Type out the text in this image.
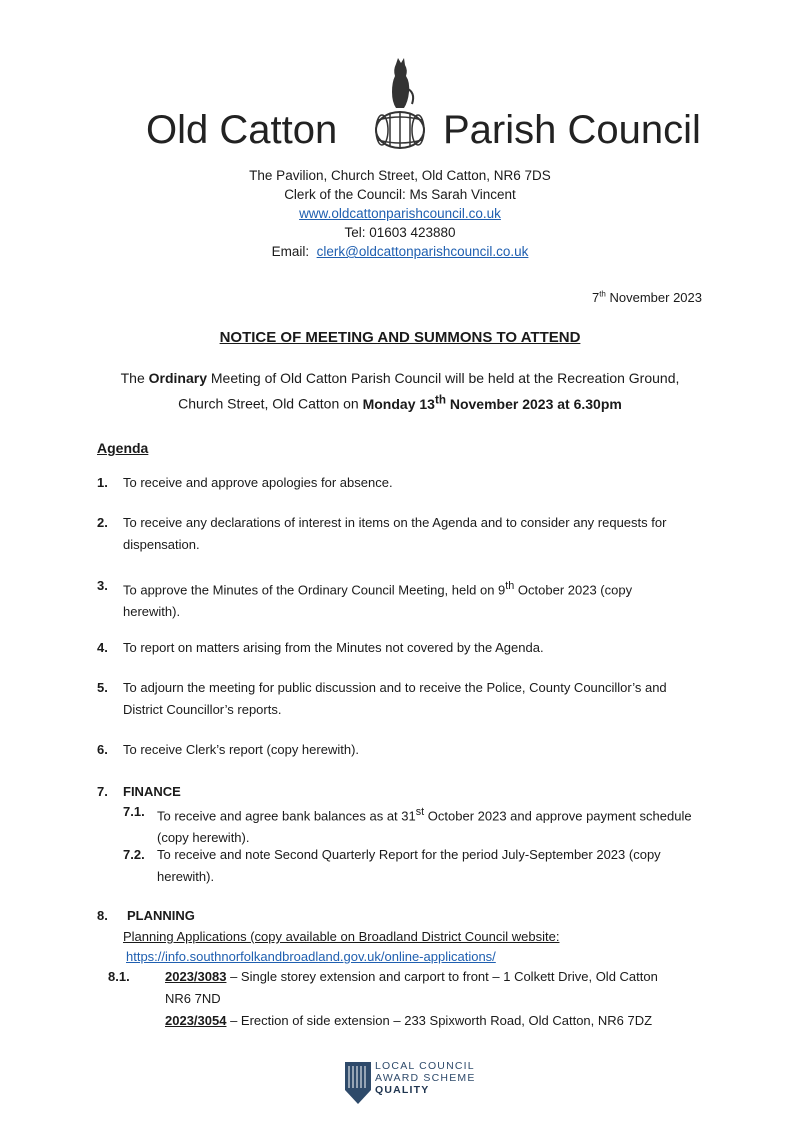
Old Catton	Parish Council
The Pavilion, Church Street, Old Catton, NR6 7DS
Clerk of the Council: Ms Sarah Vincent
www.oldcattonparishcouncil.co.uk
Tel: 01603 423880
Email: clerk@oldcattonparishcouncil.co.uk
7th November 2023
NOTICE OF MEETING AND SUMMONS TO ATTEND
The Ordinary Meeting of Old Catton Parish Council will be held at the Recreation Ground,
Church Street, Old Catton on Monday 13th November 2023 at 6.30pm
Agenda
1. To receive and approve apologies for absence.
2. To receive any declarations of interest in items on the Agenda and to consider any requests for
dispensation.
3. To approve the Minutes of the Ordinary Council Meeting, held on 9th October 2023 (copy
herewith).
4. To report on matters arising from the Minutes not covered by the Agenda.
5. To adjourn the meeting for public discussion and to receive the Police, County Councillor’s and
District Councillor’s reports.
6. To receive Clerk’s report (copy herewith).
7. FINANCE
7.1. To receive and agree bank balances as at 31st October 2023 and approve payment schedule
(copy herewith).
7.2. To receive and note Second Quarterly Report for the period July-September 2023 (copy
herewith).
8. PLANNING
Planning Applications (copy available on Broadland District Council website:
https://info.southnorfolkandbroadland.gov.uk/online-applications/
8.1.	2023/3083 – Single storey extension and carport to front – 1 Colkett Drive, Old Catton
NR6 7ND
2023/3054 – Erection of side extension – 233 Spixworth Road, Old Catton, NR6 7DZ
LOCAL COUNCIL
AWARD SCHEME
QUALITY
